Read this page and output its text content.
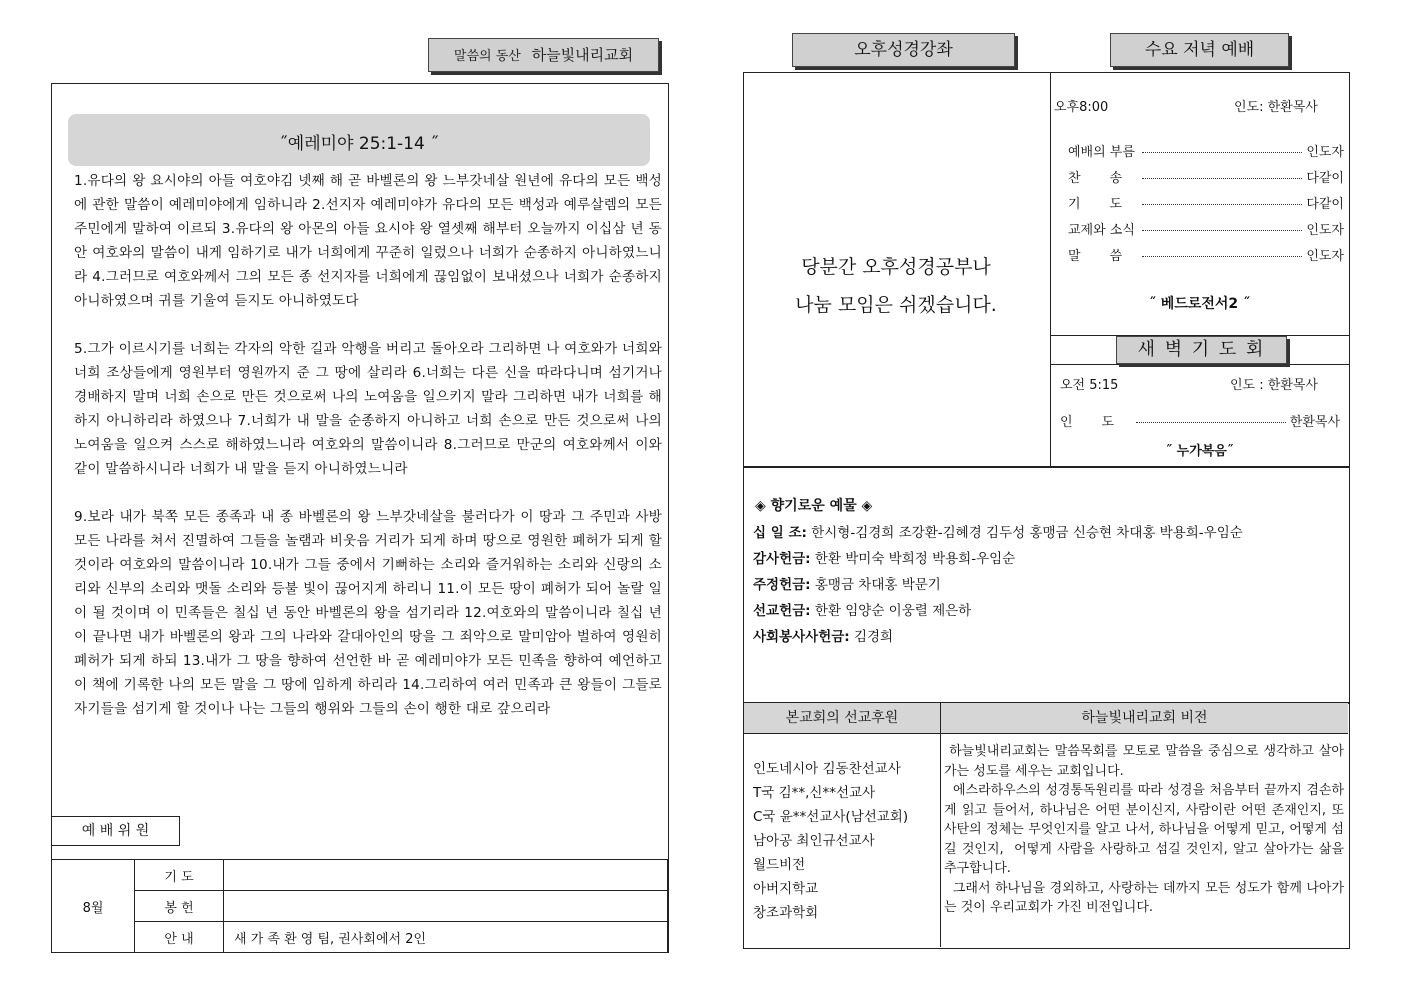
말씀의 동산 하늘빛내리교회
˝예레미야 25:1-14 ˝

1.유다의 왕 요시야의 아들 여호야김 넷째 해 곧 바벨론의 왕 느부갓네살 원년에 유다의 모든 백성에 관한 말씀이 예레미야에게 임하니라 2.선지자 예레미야가 유다의 모든 백성과 예루살렘의 모든 주민에게 말하여 이르되 3.유다의 왕 아몬의 아들 요시야 왕 열셋째 해부터 오늘까지 이십삼 년 동안 여호와의 말씀이 내게 임하기로 내가 너희에게 꾸준히 일렀으나 너희가 순종하지 아니하였느니라 4.그러므로 여호와께서 그의 모든 종 선지자를 너희에게 끊임없이 보내셨으나 너희가 순종하지 아니하였으며 귀를 기울여 듣지도 아니하였도다

5.그가 이르시기를 너희는 각자의 악한 길과 악행을 버리고 돌아오라 그리하면 나 여호와가 너희와 너희 조상들에게 영원부터 영원까지 준 그 땅에 살리라 6.너희는 다른 신을 따라다니며 섬기거나 경배하지 말며 너희 손으로 만든 것으로써 나의 노여움을 일으키지 말라 그리하면 내가 너희를 해하지 아니하리라 하였으나 7.너희가 내 말을 순종하지 아니하고 너희 손으로 만든 것으로써 나의 노여움을 일으켜 스스로 해하였느니라 여호와의 말씀이니라 8.그러므로 만군의 여호와께서 이와 같이 말씀하시니라 너희가 내 말을 듣지 아니하였느니라

9.보라 내가 북쪽 모든 종족과 내 종 바벨론의 왕 느부갓네살을 불러다가 이 땅과 그 주민과 사방 모든 나라를 쳐서 진멸하여 그들을 놀램과 비웃음 거리가 되게 하며 땅으로 영원한 폐허가 되게 할 것이라 여호와의 말씀이니라 10.내가 그들 중에서 기뻐하는 소리와 즐거워하는 소리와 신랑의 소리와 신부의 소리와 맷돌 소리와 등불 빛이 끊어지게 하리니 11.이 모든 땅이 폐허가 되어 놀랄 일이 될 것이며 이 민족들은 칠십 년 동안 바벨론의 왕을 섬기리라 12.여호와의 말씀이니라 칠십 년이 끝나면 내가 바벨론의 왕과 그의 나라와 갈대아인의 땅을 그 죄악으로 말미암아 벌하여 영원히 폐허가 되게 하되 13.내가 그 땅을 향하여 선언한 바 곧 예레미야가 모든 민족을 향하여 예언하고 이 책에 기록한 나의 모든 말을 그 땅에 임하게 하리라 14.그리하여 여러 민족과 큰 왕들이 그들로 자기들을 섬기게 할 것이나 나는 그들의 행위와 그들의 손이 행한 대로 갚으리라

예 배 위 원
8월	기 도	
	봉 헌	
	안 내	새 가 족 환 영 팀, 권사회에서 2인
오후성경강좌	수요 저녁 예배
당분간 오후성경공부나
나눔 모임은 쉬겠습니다.
오후8:00	인도: 한환목사
예배의 부름	인도자
찬       송	다같이
기       도	다같이
교제와 소식	인도자
말       씀	인도자
˝ 베드로전서2 ˝
새 벽 기 도 회
오전 5:15	인도 : 한환목사
인       도	한환목사
˝ 누가복음˝
◈ 향기로운 예물 ◈
십 일 조: 한시형-김경희 조강환-김혜경 김두성 홍맹금 신승현 차대홍 박용희-우임순
감사헌금: 한환 박미숙 박희정 박용희-우임순
주정헌금: 홍맹금 차대홍 박문기
선교헌금: 한환 임양순 이웅렬 제은하
사회봉사사헌금: 김경희
본교회의 선교후원	하늘빛내리교회 비전
인도네시아 김동찬선교사
T국 김**,신**선교사
C국 윤**선교사(남선교회)
남아공 최인규선교사
월드비전
아버지학교
창조과학회
하늘빛내리교회는 말씀목회를 모토로 말씀을 중심으로 생각하고 살아가는 성도를 세우는 교회입니다.
에스라하우스의 성경통독원리를 따라 성경을 처음부터 끝까지 겸손하게 읽고 들어서, 하나님은 어떤 분이신지, 사람이란 어떤 존재인지, 또 사탄의 정체는 무엇인지를 알고 나서, 하나님을 어떻게 믿고, 어떻게 섬길 것인지,  어떻게 사람을 사랑하고 섬길 것인지, 알고 살아가는 삶을 추구합니다.
그래서 하나님을 경외하고, 사랑하는 데까지 모든 성도가 함께 나아가는 것이 우리교회가 가진 비전입니다.
